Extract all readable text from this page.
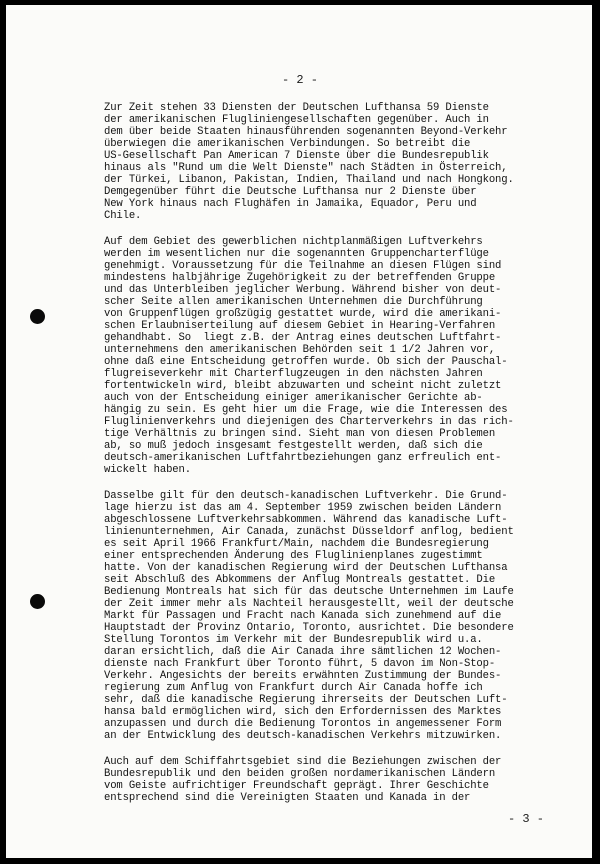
- 2 -
Zur Zeit stehen 33 Diensten der Deutschen Lufthansa 59 Dienste
der amerikanischen Flugliniengesellschaften gegenüber. Auch in
dem über beide Staaten hinausführenden sogenannten Beyond-Verkehr
überwiegen die amerikanischen Verbindungen. So betreibt die
US-Gesellschaft Pan American 7 Dienste über die Bundesrepublik
hinaus als "Rund um die Welt Dienste" nach Städten in Österreich,
der Türkei, Libanon, Pakistan, Indien, Thailand und nach Hongkong.
Demgegenüber führt die Deutsche Lufthansa nur 2 Dienste über
New York hinaus nach Flughäfen in Jamaika, Equador, Peru und
Chile.
Auf dem Gebiet des gewerblichen nichtplanmäßigen Luftverkehrs
werden im wesentlichen nur die sogenannten Gruppencharterflüge
genehmigt. Voraussetzung für die Teilnahme an diesen Flügen sind
mindestens halbjährige Zugehörigkeit zu der betreffenden Gruppe
und das Unterbleiben jeglicher Werbung. Während bisher von deut-
scher Seite allen amerikanischen Unternehmen die Durchführung
von Gruppenflügen großzügig gestattet wurde, wird die amerikani-
schen Erlaubniserteilung auf diesem Gebiet in Hearing-Verfahren
gehandhabt. So  liegt z.B. der Antrag eines deutschen Luftfahrt-
unternehmens den amerikanischen Behörden seit 1 1/2 Jahren vor,
ohne daß eine Entscheidung getroffen wurde. Ob sich der Pauschal-
flugreiseverkehr mit Charterflugzeugen in den nächsten Jahren
fortentwickeln wird, bleibt abzuwarten und scheint nicht zuletzt
auch von der Entscheidung einiger amerikanischer Gerichte ab-
hängig zu sein. Es geht hier um die Frage, wie die Interessen des
Fluglinienverkehrs und diejenigen des Charterverkehrs in das rich-
tige Verhältnis zu bringen sind. Sieht man von diesen Problemen
ab, so muß jedoch insgesamt festgestellt werden, daß sich die
deutsch-amerikanischen Luftfahrtbeziehungen ganz erfreulich ent-
wickelt haben.
Dasselbe gilt für den deutsch-kanadischen Luftverkehr. Die Grund-
lage hierzu ist das am 4. September 1959 zwischen beiden Ländern
abgeschlossene Luftverkehrsabkommen. Während das kanadische Luft-
linienunternehmen, Air Canada, zunächst Düsseldorf anflog, bedient
es seit April 1966 Frankfurt/Main, nachdem die Bundesregierung
einer entsprechenden Änderung des Fluglinienplanes zugestimmt
hatte. Von der kanadischen Regierung wird der Deutschen Lufthansa
seit Abschluß des Abkommens der Anflug Montreals gestattet. Die
Bedienung Montreals hat sich für das deutsche Unternehmen im Laufe
der Zeit immer mehr als Nachteil herausgestellt, weil der deutsche
Markt für Passagen und Fracht nach Kanada sich zunehmend auf die
Hauptstadt der Provinz Ontario, Toronto, ausrichtet. Die besondere
Stellung Torontos im Verkehr mit der Bundesrepublik wird u.a.
daran ersichtlich, daß die Air Canada ihre sämtlichen 12 Wochen-
dienste nach Frankfurt über Toronto führt, 5 davon im Non-Stop-
Verkehr. Angesichts der bereits erwähnten Zustimmung der Bundes-
regierung zum Anflug von Frankfurt durch Air Canada hoffe ich
sehr, daß die kanadische Regierung ihrerseits der Deutschen Luft-
hansa bald ermöglichen wird, sich den Erfordernissen des Marktes
anzupassen und durch die Bedienung Torontos in angemessener Form
an der Entwicklung des deutsch-kanadischen Verkehrs mitzuwirken.
Auch auf dem Schiffahrtsgebiet sind die Beziehungen zwischen der
Bundesrepublik und den beiden großen nordamerikanischen Ländern
vom Geiste aufrichtiger Freundschaft geprägt. Ihrer Geschichte
entsprechend sind die Vereinigten Staaten und Kanada in der
- 3 -
